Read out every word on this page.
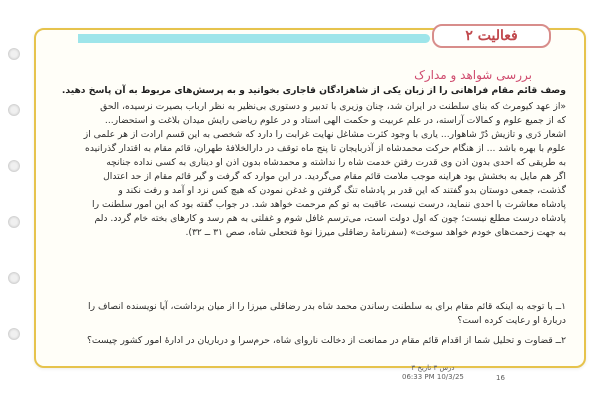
فعالیت ۲
بررسی شواهد و مدارک
وصف قائم مقام فراهانی را از زبان یکی از شاهزادگان قاجاری بخوانید و به پرسش‌های مربوط به آن پاسخ دهید.
«از عهد کیومرث که بنای سلطنت در ایران شد، چنان وزیری با تدبیر و دستوری بی‌نظیر به نظر ارباب بصیرت نرسیده، الحق
که از جمیع علوم و کمالات آراسته، در علم عربیت و حکمت الهی استاد و در علوم ریاضی رایش میدان بلاغت و استحضار...
اشعار دَری و تازیش دُرّ شاهوار... یاری با وجود کثرت مشاغل نهایت غرابت را دارد که شخصی به این قسم ارادت از هر علمی از
علوم با بهره باشد ... از هنگام حرکت محمدشاه از آذربایجان تا پنج ماه توقف در دارالخلافهٔ طهران، قائم مقام به اقتدار گذرانیده
به طریقی که احدی بدون اذن وی قدرت رفتن خدمت شاه را نداشته و محمدشاه بدون اذن او دیناری به کسی نداده جنانچه
اگر هم مایل به بخشش بود هراینه موجب ملامت قائم مقام می‌گردید. در این موارد که گرفت و گیر قائم مقام از حد اعتدال
گذشت، جمعی دوستان بدو گفتند که این قدر بر پادشاه تنگ گرفتن و غدغن نمودن که هیچ کس نزد او آمد و رفت نکند و
پادشاه معاشرت با احدی ننماید، درست نیست، عاقبت به تو کم مرحمت خواهد شد. در جواب گفته بود که این امور سلطنت را
پادشاه درست مطلع نیست؛ چون که اول دولت است، می‌ترسم غافل شوم و غفلتی به هم رسد و کارهای بخته خام گردد. دلم
به جهت زحمت‌های خودم خواهد سوخت» (سفرنامهٔ رضاقلی میرزا نوهٔ فتحعلی شاه، صص ۳۱ ــ ۳۲).
۱ــ با توجه به اینکه قائم مقام برای به سلطنت رساندن محمد شاه بدر رضاقلی میرزا را از میان برداشت، آیا نویسنده انصاف را
دربارهٔ او رعایت کرده است؟
۲ــ قضاوت و تحلیل شما از اقدام قائم مقام در ممانعت از دخالت ناروای شاه، حرم‌سرا و درباریان در ادارهٔ امور کشور چیست؟
درس ۳ تاریخ ۳
06:33 PM 10/3/25	16
